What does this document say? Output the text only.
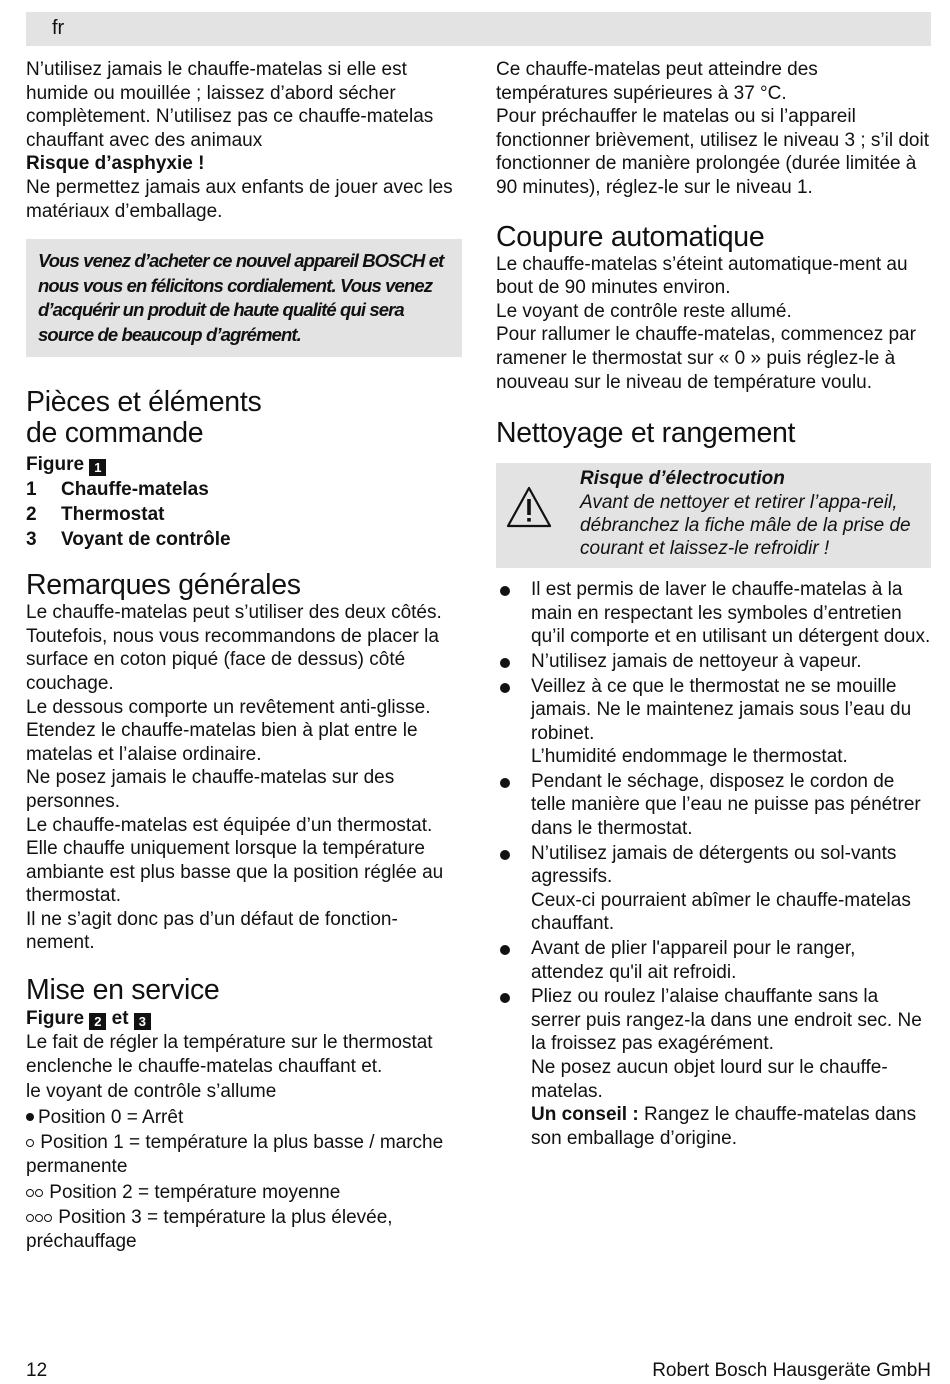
fr

N’utilisez jamais le chauffe-matelas si elle est humide ou mouillée ; laissez d’abord sécher complètement. N’utilisez pas ce chauffe-matelas chauffant avec des animaux

Risque d’asphyxie !

Ne permettez jamais aux enfants de jouer avec les matériaux d’emballage.

Vous venez d’acheter ce nouvel appareil BOSCH et nous vous en félicitons cordialement. Vous venez d’acquérir un produit de haute qualité qui sera source de beaucoup d’agrément.

Pièces et éléments
de commande
Figure 1
1 Chauffe-matelas
2 Thermostat
3 Voyant de contrôle
Remarques générales

Le chauffe-matelas peut s’utiliser des deux côtés. Toutefois, nous vous recommandons de placer la surface en coton piqué (face de dessus) côté couchage.

Le dessous comporte un revêtement anti-glisse.

Etendez le chauffe-matelas bien à plat entre le matelas et l’alaise ordinaire.

Ne posez jamais le chauffe-matelas sur des personnes.

Le chauffe-matelas est équipée d’un thermostat. Elle chauffe uniquement lorsque la température ambiante est plus basse que la position réglée au thermostat.

Il ne s’agit donc pas d’un défaut de fonction-nement.

Mise en service
Figure 2 et 3

Le fait de régler la température sur le thermostat enclenche le chauffe-matelas chauffant et.

le voyant de contrôle s’allume

Position 0 = Arrêt

Position 1 = température la plus basse / marche permanente

Position 2 = température moyenne

Position 3 = température la plus élevée, préchauffage

Ce chauffe-matelas peut atteindre des températures supérieures à 37 °C.

Pour préchauffer le matelas ou si l’appareil fonctionner brièvement, utilisez le niveau 3 ; s’il doit fonctionner de manière prolongée (durée limitée à 90 minutes), réglez-le sur le niveau 1.

Coupure automatique

Le chauffe-matelas s’éteint automatique-ment au bout de 90 minutes environ.

Le voyant de contrôle reste allumé.

Pour rallumer le chauffe-matelas, commencez par ramener le thermostat sur « 0 » puis réglez-le à nouveau sur le niveau de température voulu.

Nettoyage et rangement
Risque d’électrocution
Avant de nettoyer et retirer l’appa-reil, débranchez la fiche mâle de la prise de courant et laissez-le refroidir !

Il est permis de laver le chauffe-matelas à la main en respectant les symboles d’entretien qu’il comporte et en utilisant un détergent doux.

N’utilisez jamais de nettoyeur à vapeur.

Veillez à ce que le thermostat ne se mouille jamais. Ne le maintenez jamais sous l’eau du robinet.

L’humidité endommage le thermostat.

Pendant le séchage, disposez le cordon de telle manière que l’eau ne puisse pas pénétrer dans le thermostat.

N’utilisez jamais de détergents ou sol-vants agressifs.

Ceux-ci pourraient abîmer le chauffe-matelas chauffant.

Avant de plier l'appareil pour le ranger, attendez qu'il ait refroidi.

Pliez ou roulez l’alaise chauffante sans la serrer puis rangez-la dans une endroit sec. Ne la froissez pas exagérément.

Ne posez aucun objet lourd sur le chauffe-matelas.

Un conseil : Rangez le chauffe-matelas dans son emballage d’origine.

12	Robert Bosch Hausgeräte GmbH
